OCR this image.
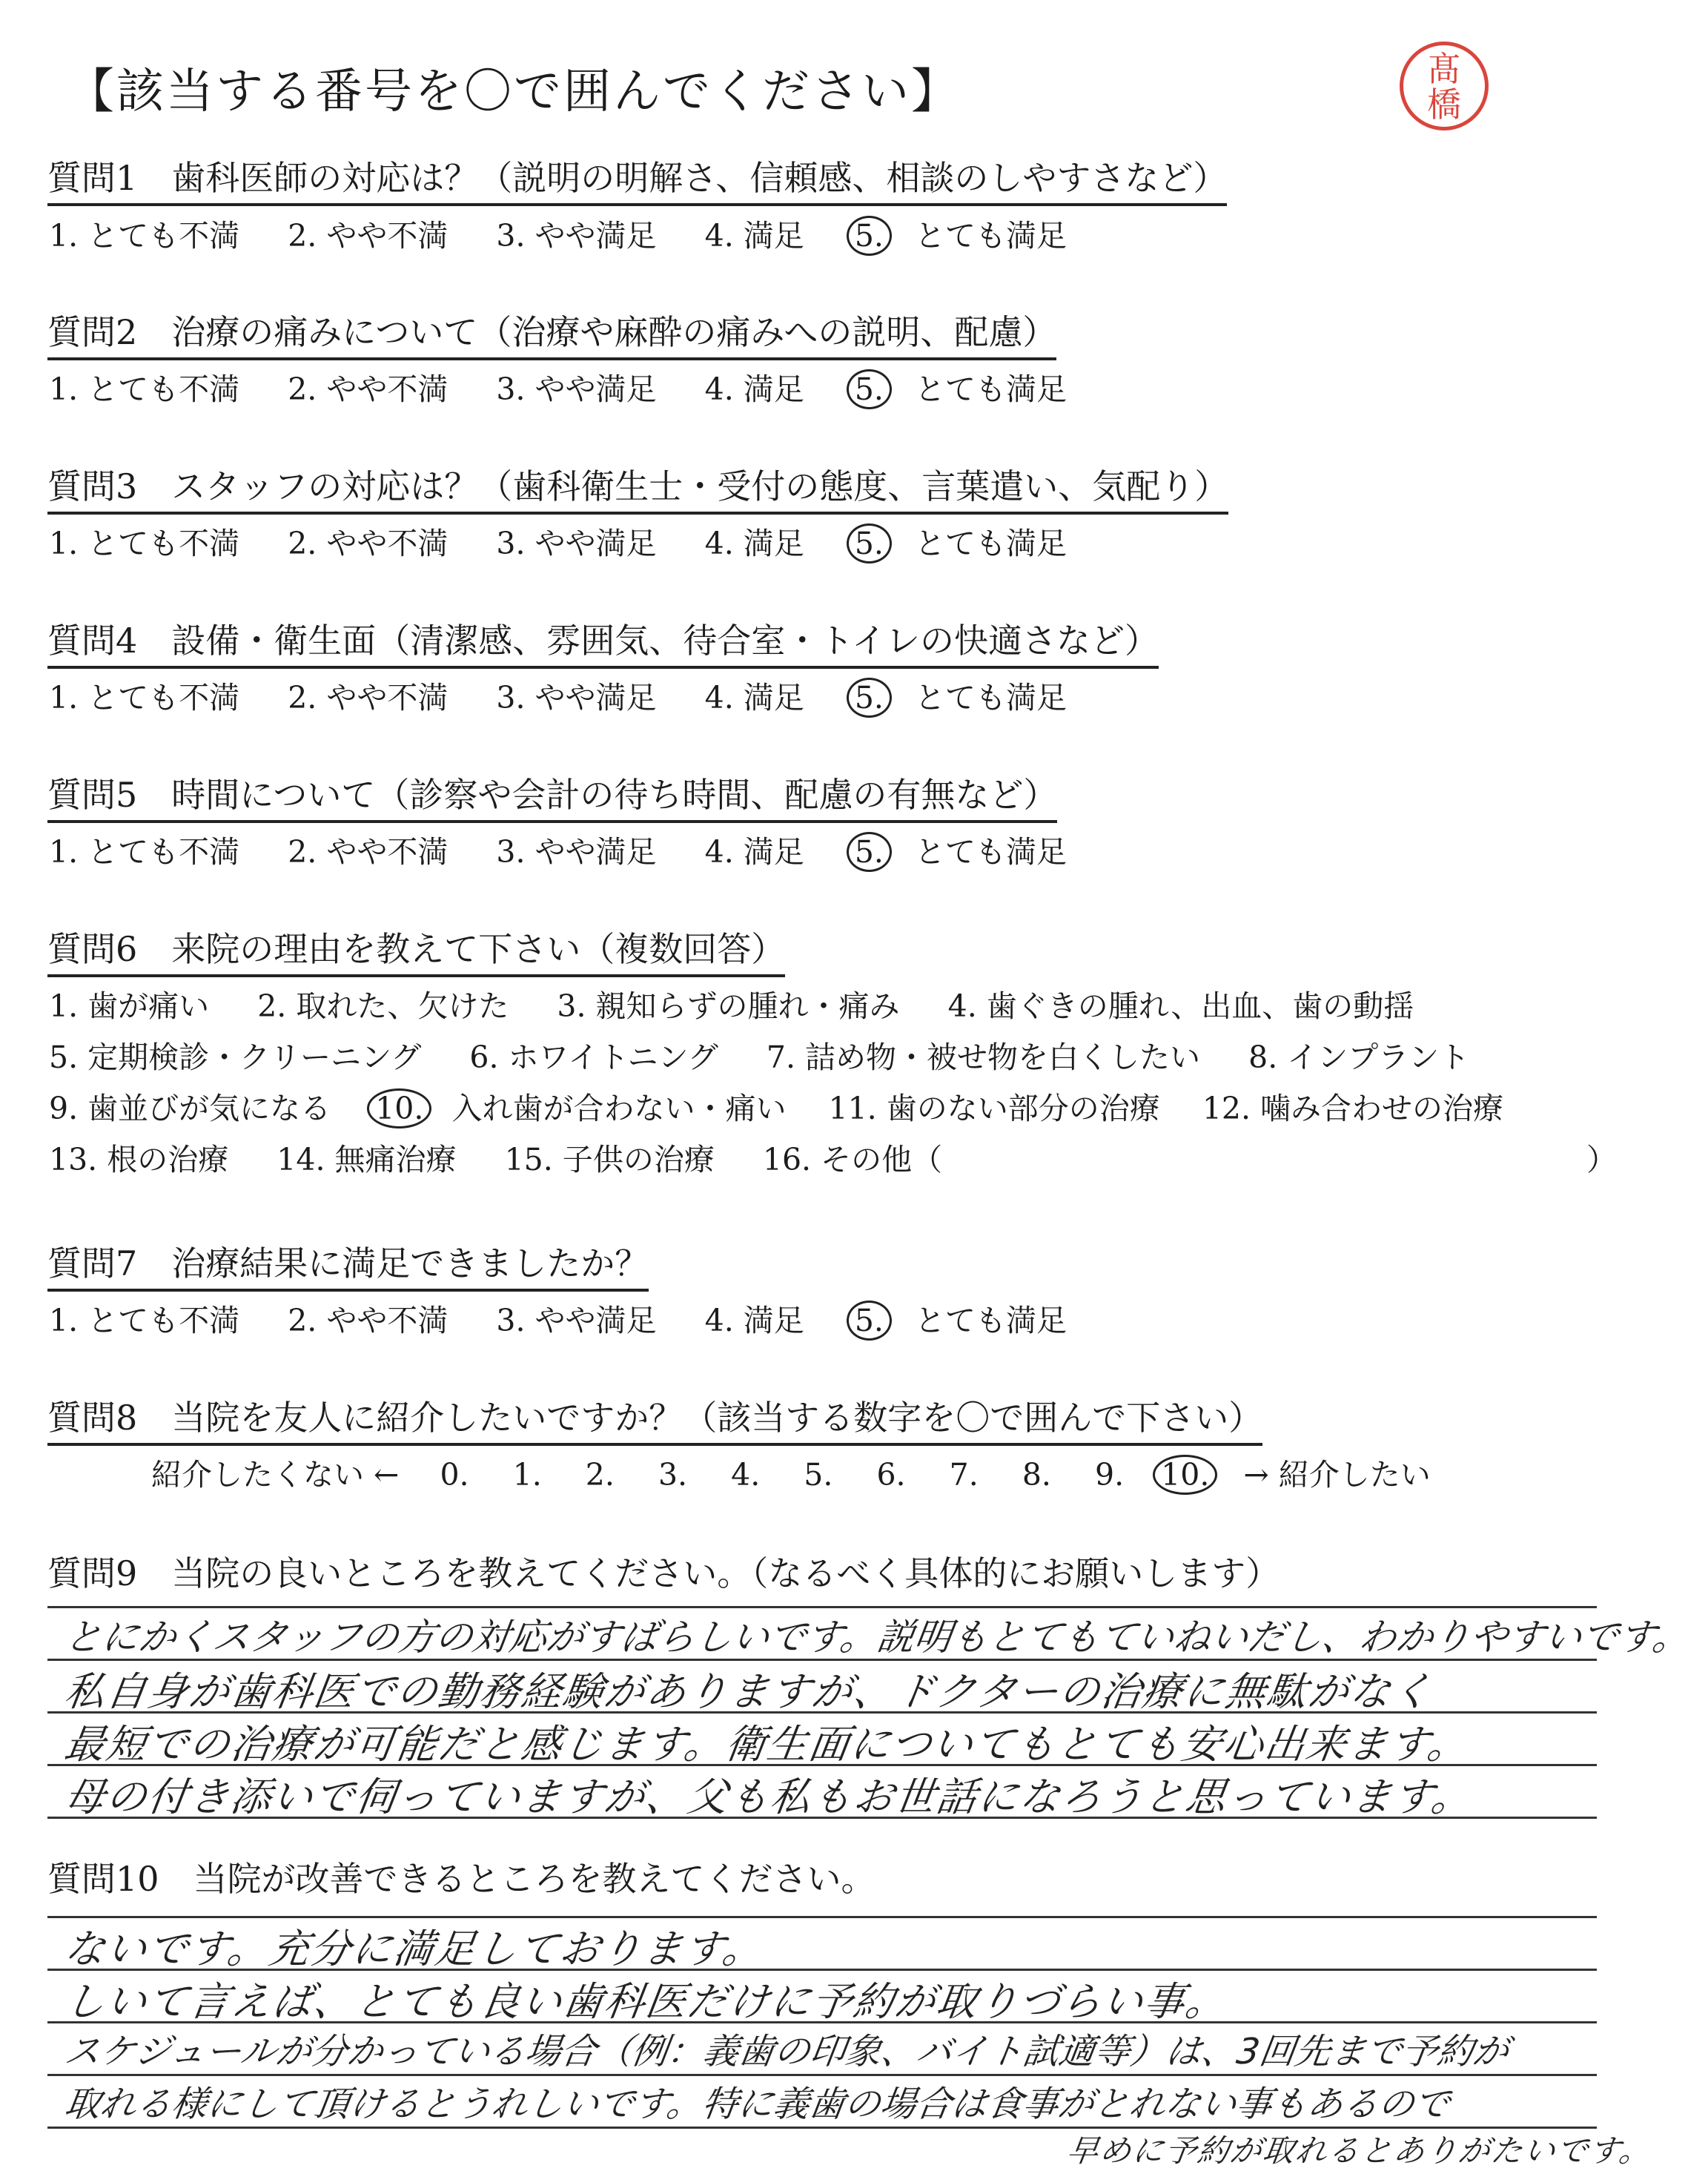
【該当する番号を〇で囲んでください】	髙
橋
質問1　歯科医師の対応は？（説明の明解さ、信頼感、相談のしやすさなど）
1. とても不満 2. やや不満 3. やや満足 4. 満足 5. とても満足
質問2　治療の痛みについて（治療や麻酔の痛みへの説明、配慮）
1. とても不満 2. やや不満 3. やや満足 4. 満足 5. とても満足
質問3　スタッフの対応は？（歯科衛生士・受付の態度、言葉遣い、気配り）
1. とても不満 2. やや不満 3. やや満足 4. 満足 5. とても満足
質問4　設備・衛生面（清潔感、雰囲気、待合室・トイレの快適さなど）
1. とても不満 2. やや不満 3. やや満足 4. 満足 5. とても満足
質問5　時間について（診察や会計の待ち時間、配慮の有無など）
1. とても不満 2. やや不満 3. やや満足 4. 満足 5. とても満足
質問6　来院の理由を教えて下さい（複数回答）
1. 歯が痛い 2. 取れた、欠けた 3. 親知らずの腫れ・痛み 4. 歯ぐきの腫れ、出血、歯の動揺
5. 定期検診・クリーニング 6. ホワイトニング 7. 詰め物・被せ物を白くしたい 8. インプラント
9. 歯並びが気になる 10. 入れ歯が合わない・痛い 11. 歯のない部分の治療 12. 噛み合わせの治療
13. 根の治療 14. 無痛治療 15. 子供の治療 16. その他（	）
質問7　治療結果に満足できましたか？
1. とても不満 2. やや不満 3. やや満足 4. 満足 5. とても満足
質問8　当院を友人に紹介したいですか？（該当する数字を〇で囲んで下さい）
紹介したくない ← 0. 1. 2. 3. 4. 5. 6. 7. 8. 9. 10. → 紹介したい
質問9　当院の良いところを教えてください。（なるべく具体的にお願いします）
とにかくスタッフの方の対応がすばらしいです。説明もとてもていねいだし、わかりやすいです。
私自身が歯科医での勤務経験がありますが、ドクターの治療に無駄がなく
最短での治療が可能だと感じます。衛生面についてもとても安心出来ます。
母の付き添いで伺っていますが、父も私もお世話になろうと思っています。
質問10　当院が改善できるところを教えてください。
ないです。充分に満足しております。
しいて言えば、とても良い歯科医だけに予約が取りづらい事。
スケジュールが分かっている場合（例：義歯の印象、バイト試適等）は、3回先まで予約が
取れる様にして頂けるとうれしいです。特に義歯の場合は食事がとれない事もあるので
早めに予約が取れるとありがたいです。
